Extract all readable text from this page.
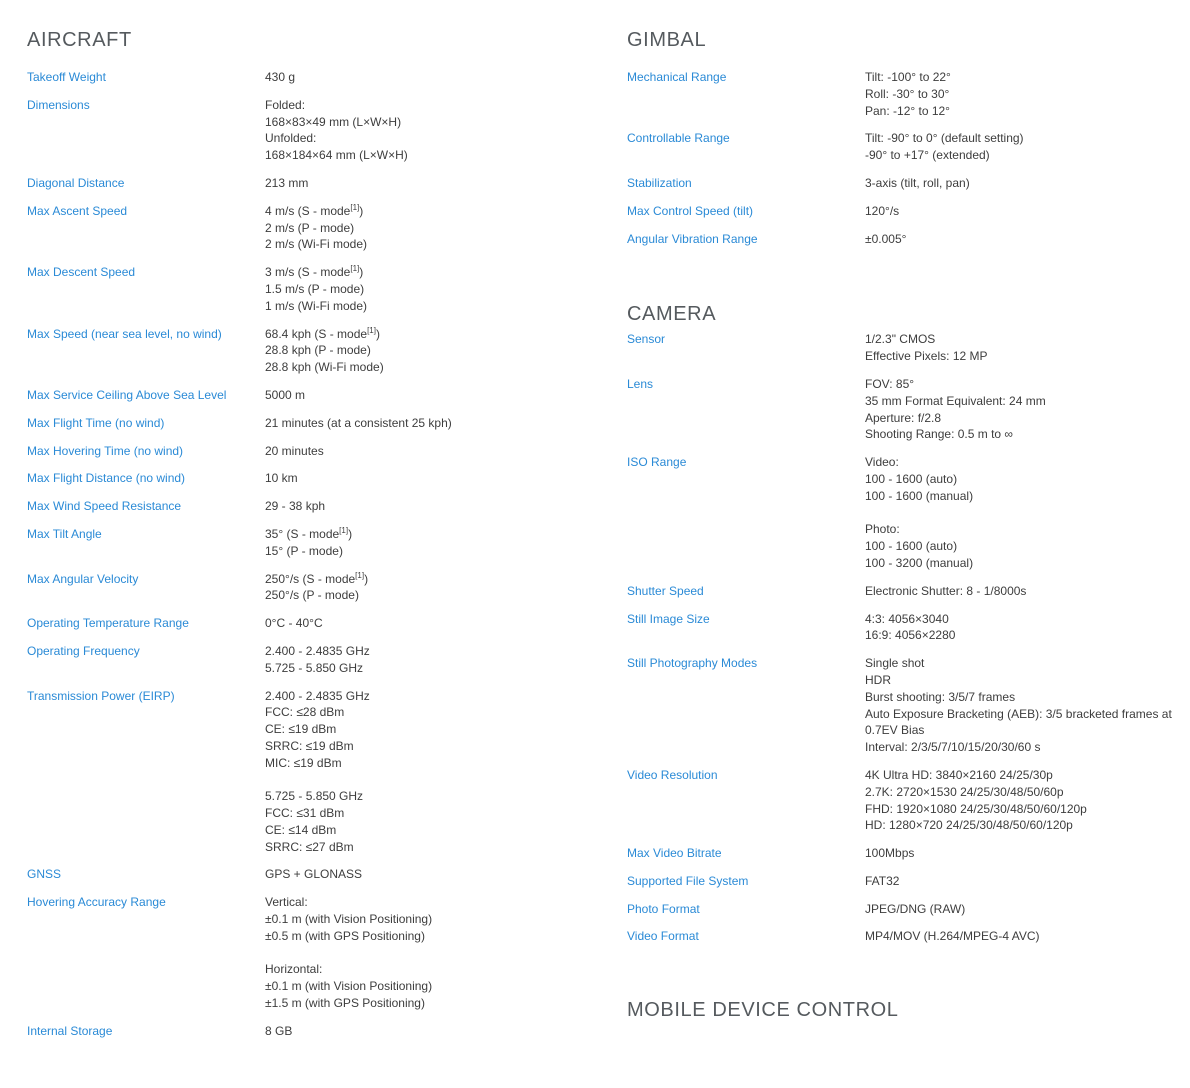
AIRCRAFT
Takeoff Weight	430 g
Dimensions	Folded:
168×83×49 mm (L×W×H)
Unfolded:
168×184×64 mm (L×W×H)
Diagonal Distance	213 mm
Max Ascent Speed	4 m/s (S - mode[1])
2 m/s (P - mode)
2 m/s (Wi-Fi mode)
Max Descent Speed	3 m/s (S - mode[1])
1.5 m/s (P - mode)
1 m/s (Wi-Fi mode)
Max Speed (near sea level, no wind)	68.4 kph (S - mode[1])
28.8 kph (P - mode)
28.8 kph (Wi-Fi mode)
Max Service Ceiling Above Sea Level	5000 m
Max Flight Time (no wind)	21 minutes (at a consistent 25 kph)
Max Hovering Time (no wind)	20 minutes
Max Flight Distance (no wind)	10 km
Max Wind Speed Resistance	29 - 38 kph
Max Tilt Angle	35° (S - mode[1])
15° (P - mode)
Max Angular Velocity	250°/s (S - mode[1])
250°/s (P - mode)
Operating Temperature Range	0°C - 40°C
Operating Frequency	2.400 - 2.4835 GHz
5.725 - 5.850 GHz
Transmission Power (EIRP)	2.400 - 2.4835 GHz
FCC: ≤28 dBm
CE: ≤19 dBm
SRRC: ≤19 dBm
MIC: ≤19 dBm

5.725 - 5.850 GHz
FCC: ≤31 dBm
CE: ≤14 dBm
SRRC: ≤27 dBm
GNSS	GPS + GLONASS
Hovering Accuracy Range	Vertical:
±0.1 m (with Vision Positioning)
±0.5 m (with GPS Positioning)

Horizontal:
±0.1 m (with Vision Positioning)
±1.5 m (with GPS Positioning)
Internal Storage	8 GB
GIMBAL
Mechanical Range	Tilt: -100° to 22°
Roll: -30° to 30°
Pan: -12° to 12°
Controllable Range	Tilt: -90° to 0° (default setting)
-90° to +17° (extended)
Stabilization	3-axis (tilt, roll, pan)
Max Control Speed (tilt)	120°/s
Angular Vibration Range	±0.005°
CAMERA
Sensor	1/2.3" CMOS
Effective Pixels: 12 MP
Lens	FOV: 85°
35 mm Format Equivalent: 24 mm
Aperture: f/2.8
Shooting Range: 0.5 m to ∞
ISO Range	Video:
100 - 1600 (auto)
100 - 1600 (manual)

Photo:
100 - 1600 (auto)
100 - 3200 (manual)
Shutter Speed	Electronic Shutter: 8 - 1/8000s
Still Image Size	4:3: 4056×3040
16:9: 4056×2280
Still Photography Modes	Single shot
HDR
Burst shooting: 3/5/7 frames
Auto Exposure Bracketing (AEB): 3/5 bracketed frames at
0.7EV Bias
Interval: 2/3/5/7/10/15/20/30/60 s
Video Resolution	4K Ultra HD: 3840×2160 24/25/30p
2.7K: 2720×1530 24/25/30/48/50/60p
FHD: 1920×1080 24/25/30/48/50/60/120p
HD: 1280×720 24/25/30/48/50/60/120p
Max Video Bitrate	100Mbps
Supported File System	FAT32
Photo Format	JPEG/DNG (RAW)
Video Format	MP4/MOV (H.264/MPEG-4 AVC)
MOBILE DEVICE CONTROL
